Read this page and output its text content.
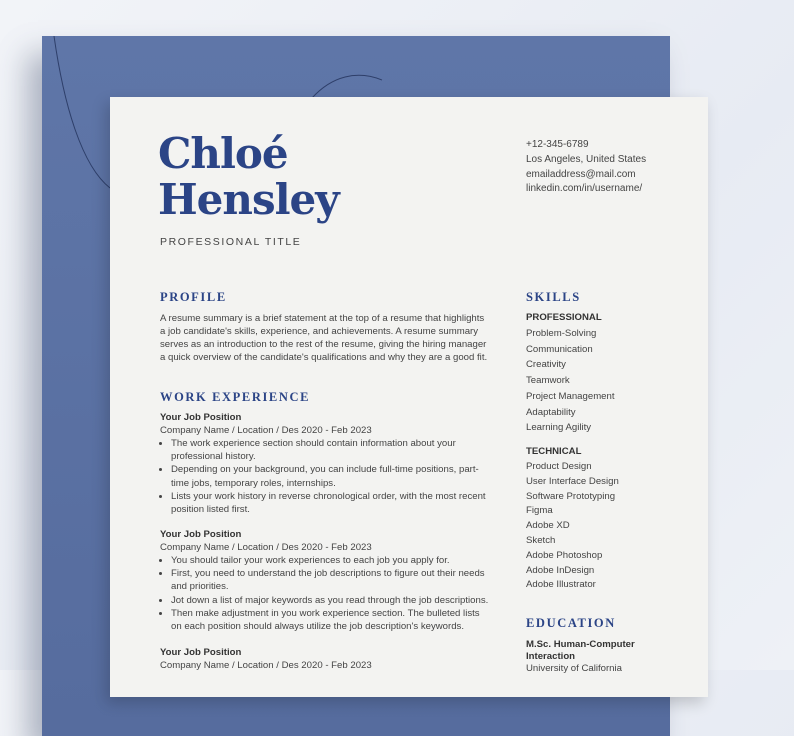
Chloé
Hensley
PROFESSIONAL TITLE
+12-345-6789
Los Angeles, United States
emailaddress@mail.com
linkedin.com/in/username/
PROFILE

A resume summary is a brief statement at the top of a resume that highlights a job candidate's skills, experience, and achievements. A resume summary serves as an introduction to the rest of the resume, giving the hiring manager a quick overview of the candidate's qualifications and why they are a good fit.

WORK EXPERIENCE
Your Job Position
Company Name / Location / Des 2020 - Feb 2023
• The work experience section should contain information about your professional history.
• Depending on your background, you can include full-time positions, part-time jobs, temporary roles, internships.
• Lists your work history in reverse chronological order, with the most recent position listed first.
Your Job Position
Company Name / Location / Des 2020 - Feb 2023
• You should tailor your work experiences to each job you apply for.
• First, you need to understand the job descriptions to figure out their needs and priorities.
• Jot down a list of major keywords as you read through the job descriptions.
• Then make adjustment in you work experience section. The bulleted lists on each position should always utilize the job description's keywords.
Your Job Position
Company Name / Location / Des 2020 - Feb 2023
SKILLS
PROFESSIONAL
Problem-Solving
Communication
Creativity
Teamwork
Project Management
Adaptability
Learning Agility
TECHNICAL
Product Design
User Interface Design
Software Prototyping
Figma
Adobe XD
Sketch
Adobe Photoshop
Adobe InDesign
Adobe Illustrator
EDUCATION
M.Sc. Human-Computer Interaction
University of California
